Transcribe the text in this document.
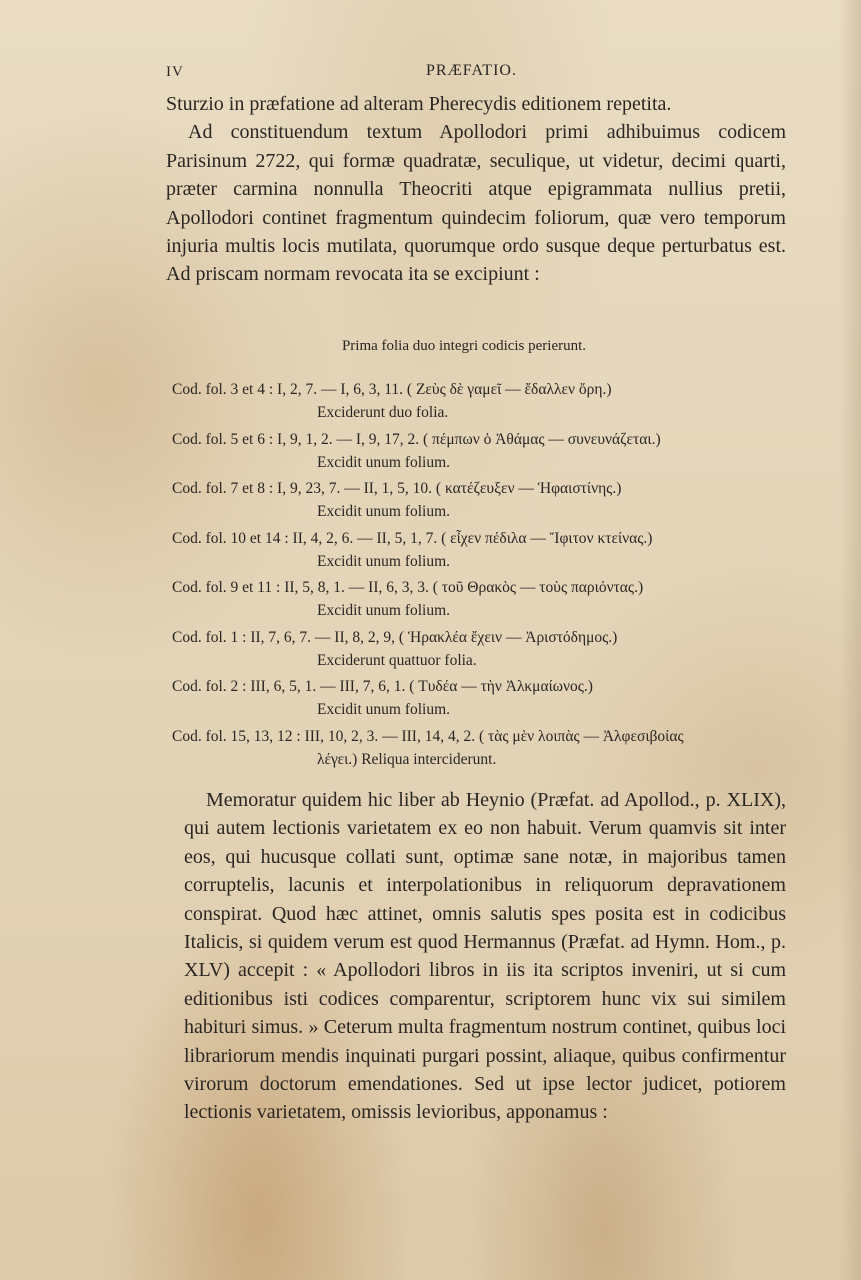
IV	PRÆFATIO.

Sturzio in præfatione ad alteram Pherecydis editionem repetita.

Ad constituendum textum Apollodori primi adhibuimus codicem Parisinum 2722, qui formæ quadratæ, seculique, ut videtur, decimi quarti, præter carmina nonnulla Theocriti atque epigrammata nullius pretii, Apollodori continet fragmentum quindecim foliorum, quæ vero temporum injuria multis locis mutilata, quorumque ordo susque deque perturbatus est. Ad priscam normam revocata ita se excipiunt :

Prima folia duo integri codicis perierunt.
Cod. fol. 3 et 4 : I, 2, 7. — I, 6, 3, 11. ( Ζεὺς δὲ γαμεῖ — ἔδαλλεν ὄρη.)
Exciderunt duo folia.
Cod. fol. 5 et 6 : I, 9, 1, 2. — I, 9, 17, 2. ( πέμπων ὁ Ἀθάμας — συνευνάζεται.)
Excidit unum folium.
Cod. fol. 7 et 8 : I, 9, 23, 7. — II, 1, 5, 10. ( κατέζευξεν — Ἡφαιστίνης.)
Excidit unum folium.
Cod. fol. 10 et 14 : II, 4, 2, 6. — II, 5, 1, 7. ( εἶχεν πέδιλα — Ἴφιτον κτείνας.)
Excidit unum folium.
Cod. fol. 9 et 11 : II, 5, 8, 1. — II, 6, 3, 3. ( τοῦ Θρακὸς — τοὺς παριόντας.)
Excidit unum folium.
Cod. fol. 1 : II, 7, 6, 7. — II, 8, 2, 9, ( Ἡρακλέα ἔχειν — Ἀριστόδημος.)
Exciderunt quattuor folia.
Cod. fol. 2 : III, 6, 5, 1. — III, 7, 6, 1. ( Τυδέα — τὴν Ἀλκμαίωνος.)
Excidit unum folium.
Cod. fol. 15, 13, 12 : III, 10, 2, 3. — III, 14, 4, 2. ( τὰς μὲν λοιπὰς — Ἀλφεσιβοίας
λέγει.) Reliqua interciderunt.

Memoratur quidem hic liber ab Heynio (Præfat. ad Apollod., p. XLIX), qui autem lectionis varietatem ex eo non habuit. Verum quamvis sit inter eos, qui hucusque collati sunt, optimæ sane notæ, in majoribus tamen corruptelis, lacunis et interpolationibus in reliquorum depravationem conspirat. Quod hæc attinet, omnis salutis spes posita est in codicibus Italicis, si quidem verum est quod Hermannus (Præfat. ad Hymn. Hom., p. XLV) accepit : « Apollodori libros in iis ita scriptos inveniri, ut si cum editionibus isti codices comparentur, scriptorem hunc vix sui similem habituri simus. » Ceterum multa fragmentum nostrum continet, quibus loci librariorum mendis inquinati purgari possint, aliaque, quibus confirmentur virorum doctorum emendationes. Sed ut ipse lector judicet, potiorem lectionis varietatem, omissis levioribus, apponamus :
